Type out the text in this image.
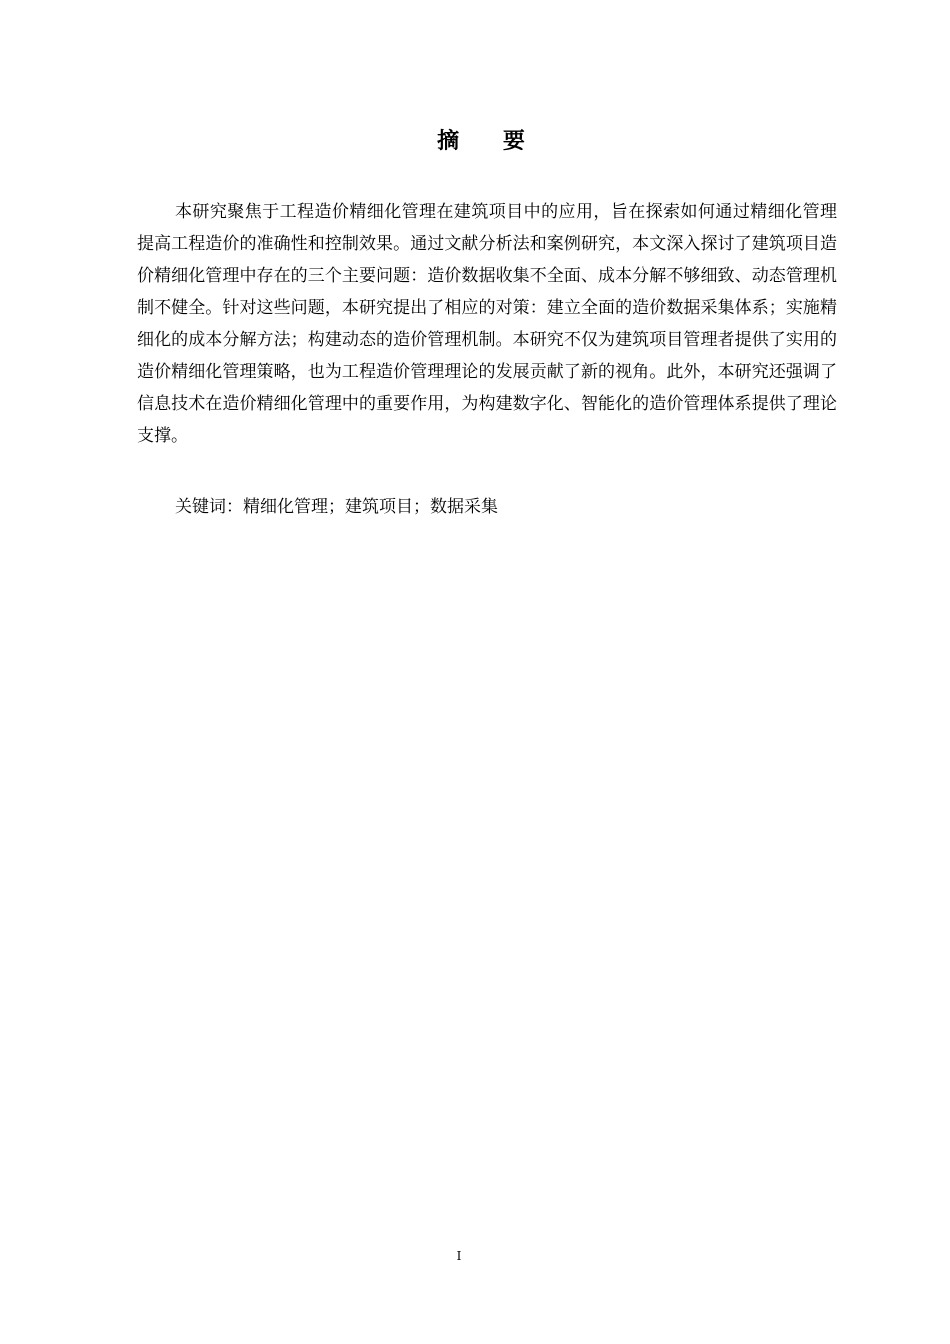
摘 要

本研究聚焦于工程造价精细化管理在建筑项目中的应用，旨在探索如何通过精细化管理提高工程造价的准确性和控制效果。通过文献分析法和案例研究，本文深入探讨了建筑项目造价精细化管理中存在的三个主要问题：造价数据收集不全面、成本分解不够细致、动态管理机制不健全。针对这些问题，本研究提出了相应的对策：建立全面的造价数据采集体系；实施精细化的成本分解方法；构建动态的造价管理机制。本研究不仅为建筑项目管理者提供了实用的造价精细化管理策略，也为工程造价管理理论的发展贡献了新的视角。此外，本研究还强调了信息技术在造价精细化管理中的重要作用，为构建数字化、智能化的造价管理体系提供了理论支撑。

关键词：精细化管理；建筑项目；数据采集

I
